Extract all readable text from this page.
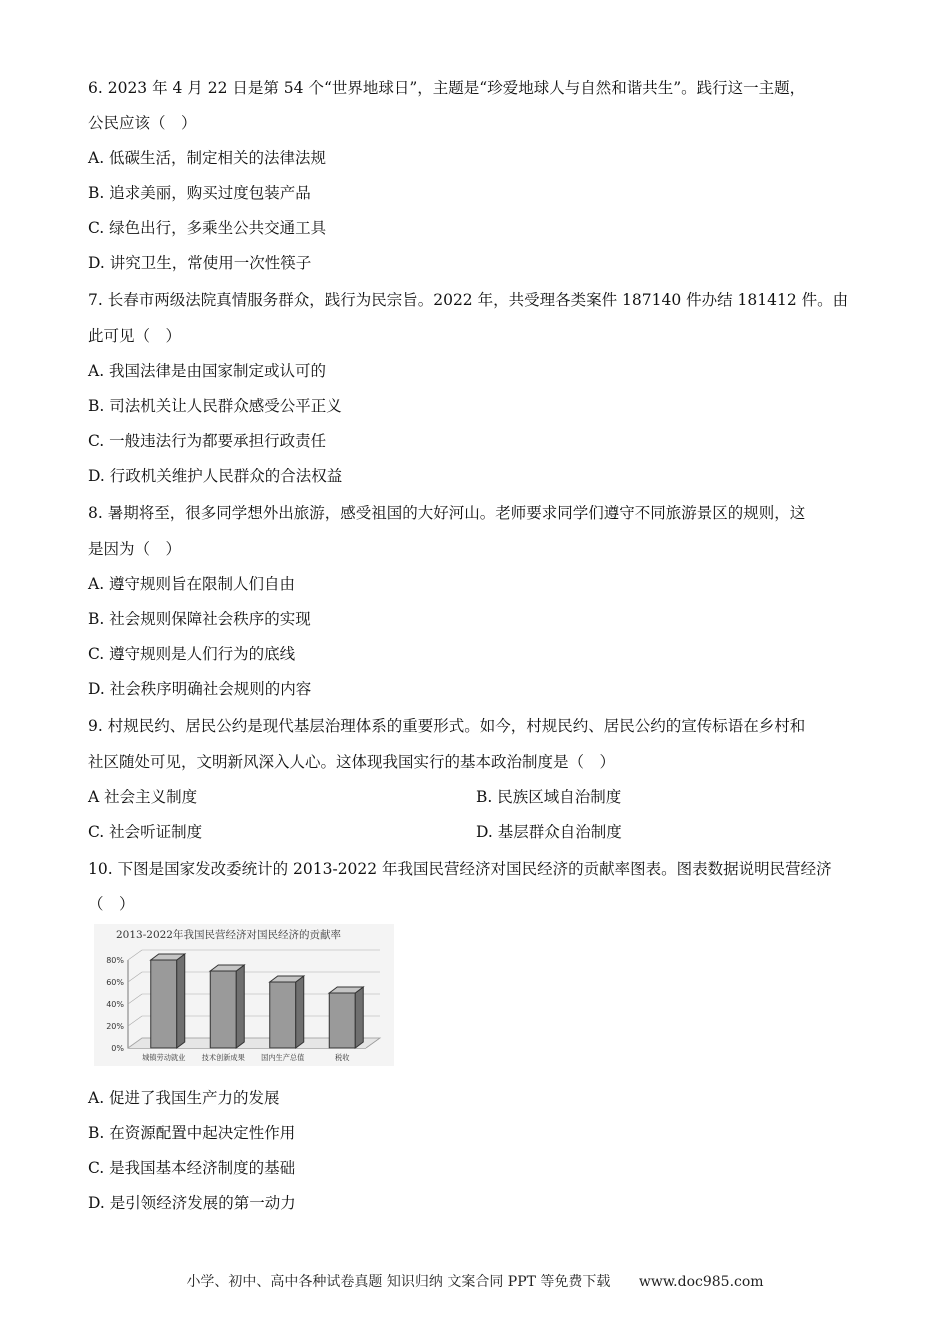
6. 2023 年 4 月 22 日是第 54 个“世界地球日”，主题是“珍爱地球人与自然和谐共生”。践行这一主题，
公民应该（　）
A. 低碳生活，制定相关的法律法规
B. 追求美丽，购买过度包装产品
C. 绿色出行，多乘坐公共交通工具
D. 讲究卫生，常使用一次性筷子
7. 长春市两级法院真情服务群众，践行为民宗旨。2022 年，共受理各类案件 187140 件办结 181412 件。由
此可见（　）
A. 我国法律是由国家制定或认可的
B. 司法机关让人民群众感受公平正义
C. 一般违法行为都要承担行政责任
D. 行政机关维护人民群众的合法权益
8. 暑期将至，很多同学想外出旅游，感受祖国的大好河山。老师要求同学们遵守不同旅游景区的规则，这
是因为（　）
A. 遵守规则旨在限制人们自由
B. 社会规则保障社会秩序的实现
C. 遵守规则是人们行为的底线
D. 社会秩序明确社会规则的内容
9. 村规民约、居民公约是现代基层治理体系的重要形式。如今，村规民约、居民公约的宣传标语在乡村和
社区随处可见，文明新风深入人心。这体现我国实行的基本政治制度是（　）
A 社会主义制度	B. 民族区域自治制度
C. 社会听证制度	D. 基层群众自治制度
10. 下图是国家发改委统计的 2013-2022 年我国民营经济对国民经济的贡献率图表。图表数据说明民营经济
（　）
2013-2022年我国民营经济对国民经济的贡献率
0%
20%
40%
60%
80%
城镇劳动就业 技术创新成果 国内生产总值	税收
A. 促进了我国生产力的发展
B. 在资源配置中起决定性作用
C. 是我国基本经济制度的基础
D. 是引领经济发展的第一动力
小学、初中、高中各种试卷真题 知识归纳 文案合同 PPT 等免费下载 www.doc985.com
